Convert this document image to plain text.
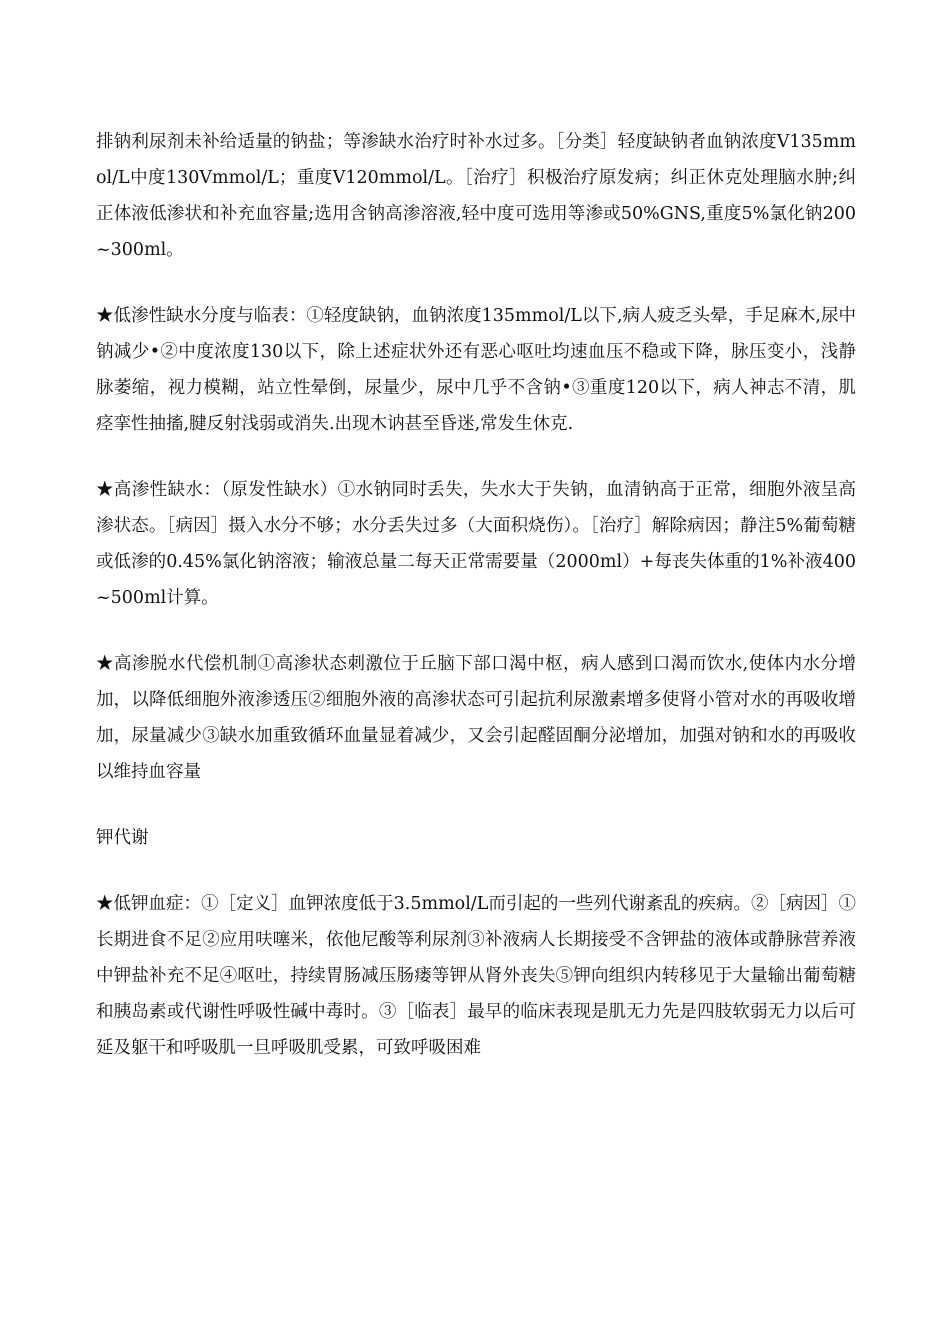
排钠利尿剂未补给适量的钠盐；等渗缺水治疗时补水过多。［分类］轻度缺钠者血钠浓度V135mmol/L中度130Vmmol/L；重度V120mmol/L。［治疗］积极治疗原发病；纠正休克处理脑水肿;纠正体液低渗状和补充血容量;选用含钠高渗溶液,轻中度可选用等渗或50%GNS,重度5%氯化钠200~300ml。

★低渗性缺水分度与临表：①轻度缺钠，血钠浓度135mmol/L以下,病人疲乏头晕，手足麻木,尿中钠减少•②中度浓度130以下，除上述症状外还有恶心呕吐均速血压不稳或下降，脉压变小，浅静脉萎缩，视力模糊，站立性晕倒，尿量少，尿中几乎不含钠•③重度120以下，病人神志不清，肌痉挛性抽搐,腱反射浅弱或消失.出现木讷甚至昏迷,常发生休克.

★高渗性缺水：（原发性缺水）①水钠同时丢失，失水大于失钠，血清钠高于正常，细胞外液呈高渗状态。［病因］摄入水分不够；水分丢失过多（大面积烧伤）。［治疗］解除病因；静注5%葡萄糖或低渗的0.45%氯化钠溶液；输液总量二每天正常需要量（2000ml）+每丧失体重的1%补液400~500ml计算。

★高渗脱水代偿机制①高渗状态刺激位于丘脑下部口渴中枢，病人感到口渴而饮水,使体内水分增加，以降低细胞外液渗透压②细胞外液的高渗状态可引起抗利尿激素增多使肾小管对水的再吸收增加，尿量减少③缺水加重致循环血量显着减少，又会引起醛固酮分泌增加，加强对钠和水的再吸收以维持血容量

钾代谢

★低钾血症：①［定义］血钾浓度低于3.5mmol/L而引起的一些列代谢紊乱的疾病。②［病因］①长期进食不足②应用呋噻米，依他尼酸等利尿剂③补液病人长期接受不含钾盐的液体或静脉营养液中钾盐补充不足④呕吐，持续胃肠减压肠瘘等钾从肾外丧失⑤钾向组织内转移见于大量输出葡萄糖和胰岛素或代谢性呼吸性碱中毒时。③［临表］最早的临床表现是肌无力先是四肢软弱无力以后可延及躯干和呼吸肌一旦呼吸肌受累，可致呼吸困难
